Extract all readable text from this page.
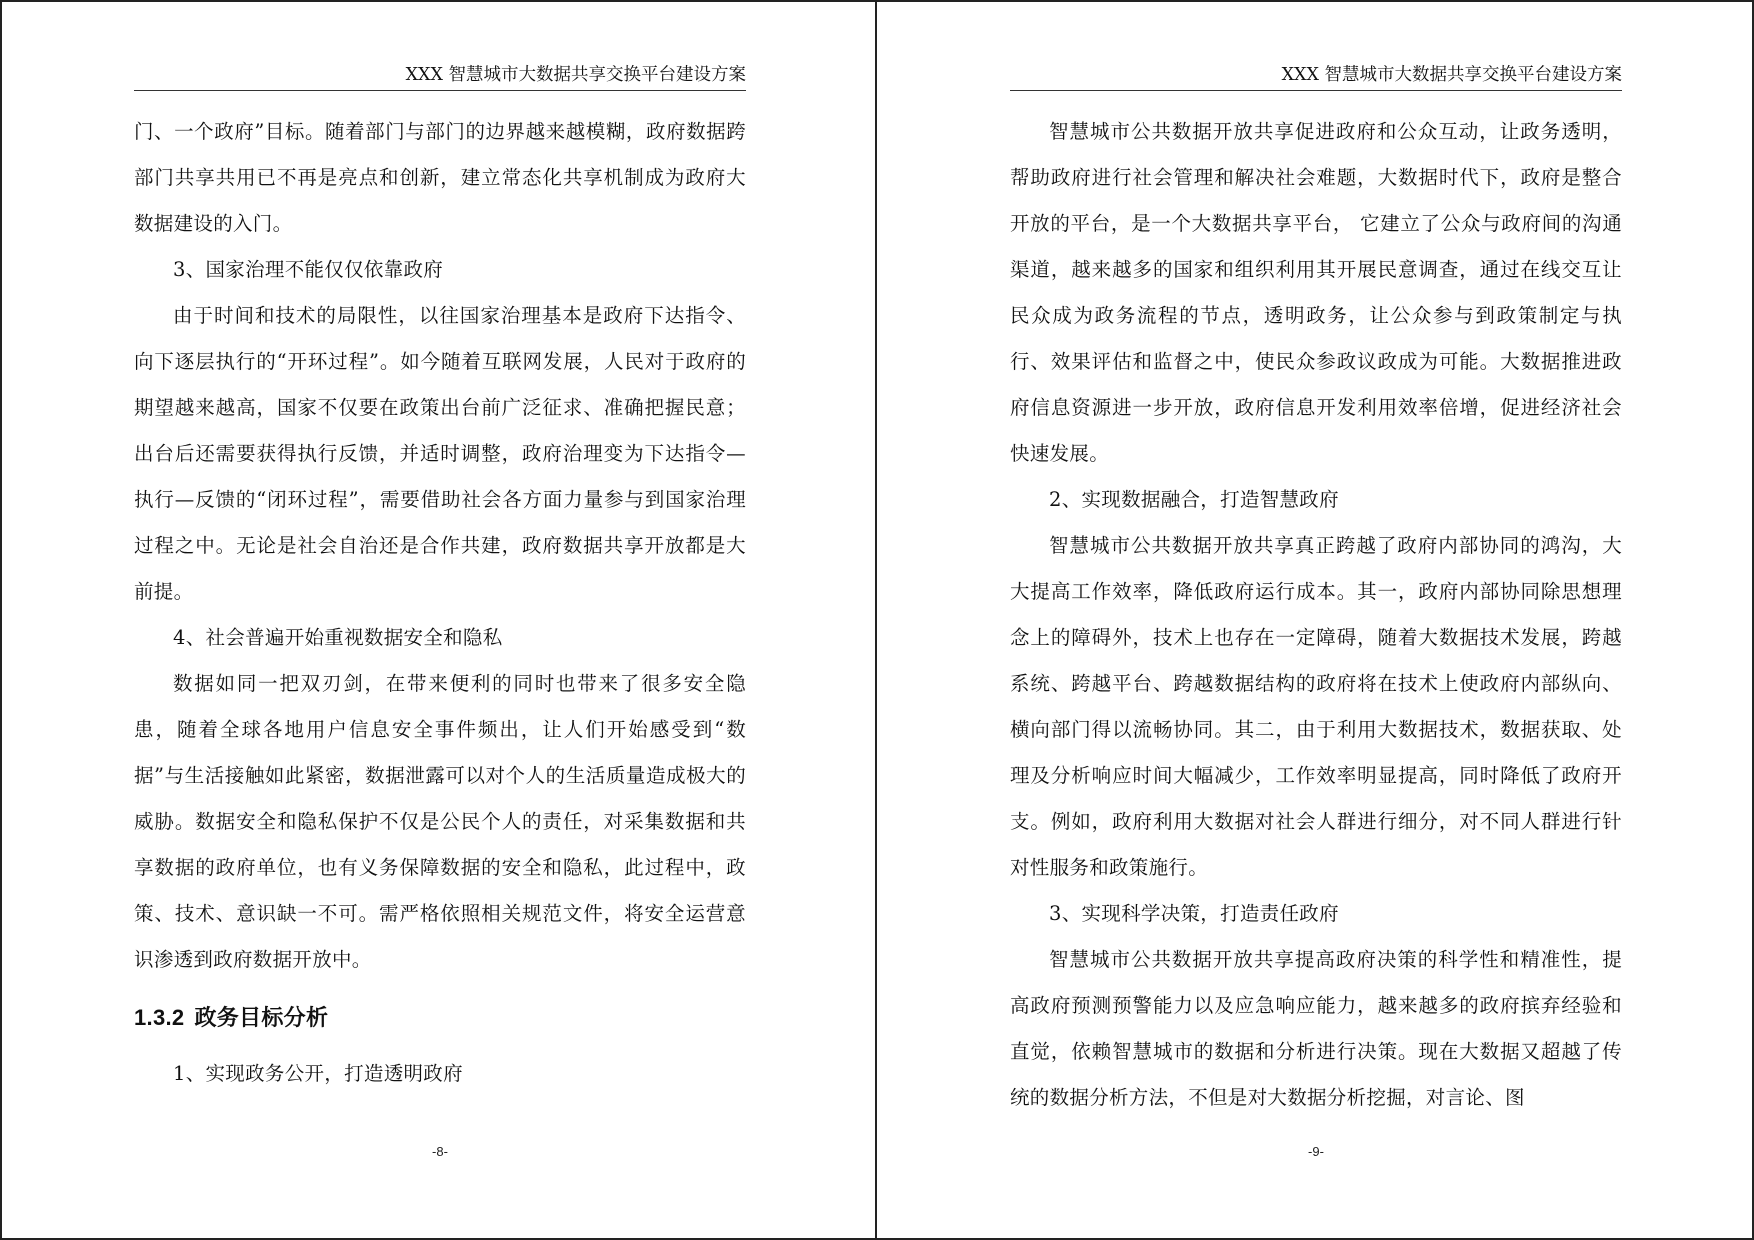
XXX 智慧城市大数据共享交换平台建设方案

门、一个政府”目标。随着部门与部门的边界越来越模糊，政府数据跨部门共享共用已不再是亮点和创新，建立常态化共享机制成为政府大数据建设的入门。

3、国家治理不能仅仅依靠政府

由于时间和技术的局限性，以往国家治理基本是政府下达指令、向下逐层执行的“开环过程”。如今随着互联网发展，人民对于政府的期望越来越高，国家不仅要在政策出台前广泛征求、准确把握民意；出台后还需要获得执行反馈，并适时调整，政府治理变为下达指令—执行—反馈的“闭环过程”，需要借助社会各方面力量参与到国家治理过程之中。无论是社会自治还是合作共建，政府数据共享开放都是大前提。

4、社会普遍开始重视数据安全和隐私

数据如同一把双刃剑，在带来便利的同时也带来了很多安全隐患，随着全球各地用户信息安全事件频出，让人们开始感受到“数据”与生活接触如此紧密，数据泄露可以对个人的生活质量造成极大的威胁。数据安全和隐私保护不仅是公民个人的责任，对采集数据和共享数据的政府单位，也有义务保障数据的安全和隐私，此过程中，政策、技术、意识缺一不可。需严格依照相关规范文件，将安全运营意识渗透到政府数据开放中。

1.3.2 政务目标分析

1、实现政务公开，打造透明政府

-8-
XXX 智慧城市大数据共享交换平台建设方案

智慧城市公共数据开放共享促进政府和公众互动，让政务透明，帮助政府进行社会管理和解决社会难题，大数据时代下，政府是整合开放的平台，是一个大数据共享平台， 它建立了公众与政府间的沟通渠道，越来越多的国家和组织利用其开展民意调查，通过在线交互让民众成为政务流程的节点，透明政务，让公众参与到政策制定与执 行、效果评估和监督之中，使民众参政议政成为可能。大数据推进政府信息资源进一步开放，政府信息开发利用效率倍增，促进经济社会快速发展。

2、实现数据融合，打造智慧政府

智慧城市公共数据开放共享真正跨越了政府内部协同的鸿沟，大大提高工作效率，降低政府运行成本。其一，政府内部协同除思想理念上的障碍外，技术上也存在一定障碍，随着大数据技术发展，跨越系统、跨越平台、跨越数据结构的政府将在技术上使政府内部纵向、横向部门得以流畅协同。其二，由于利用大数据技术，数据获取、处理及分析响应时间大幅减少，工作效率明显提高，同时降低了政府开支。例如，政府利用大数据对社会人群进行细分，对不同人群进行针对性服务和政策施行。

3、实现科学决策，打造责任政府

智慧城市公共数据开放共享提高政府决策的科学性和精准性，提高政府预测预警能力以及应急响应能力，越来越多的政府摈弃经验和直觉，依赖智慧城市的数据和分析进行决策。现在大数据又超越了传统的数据分析方法，不但是对大数据分析挖掘，对言论、图

-9-
